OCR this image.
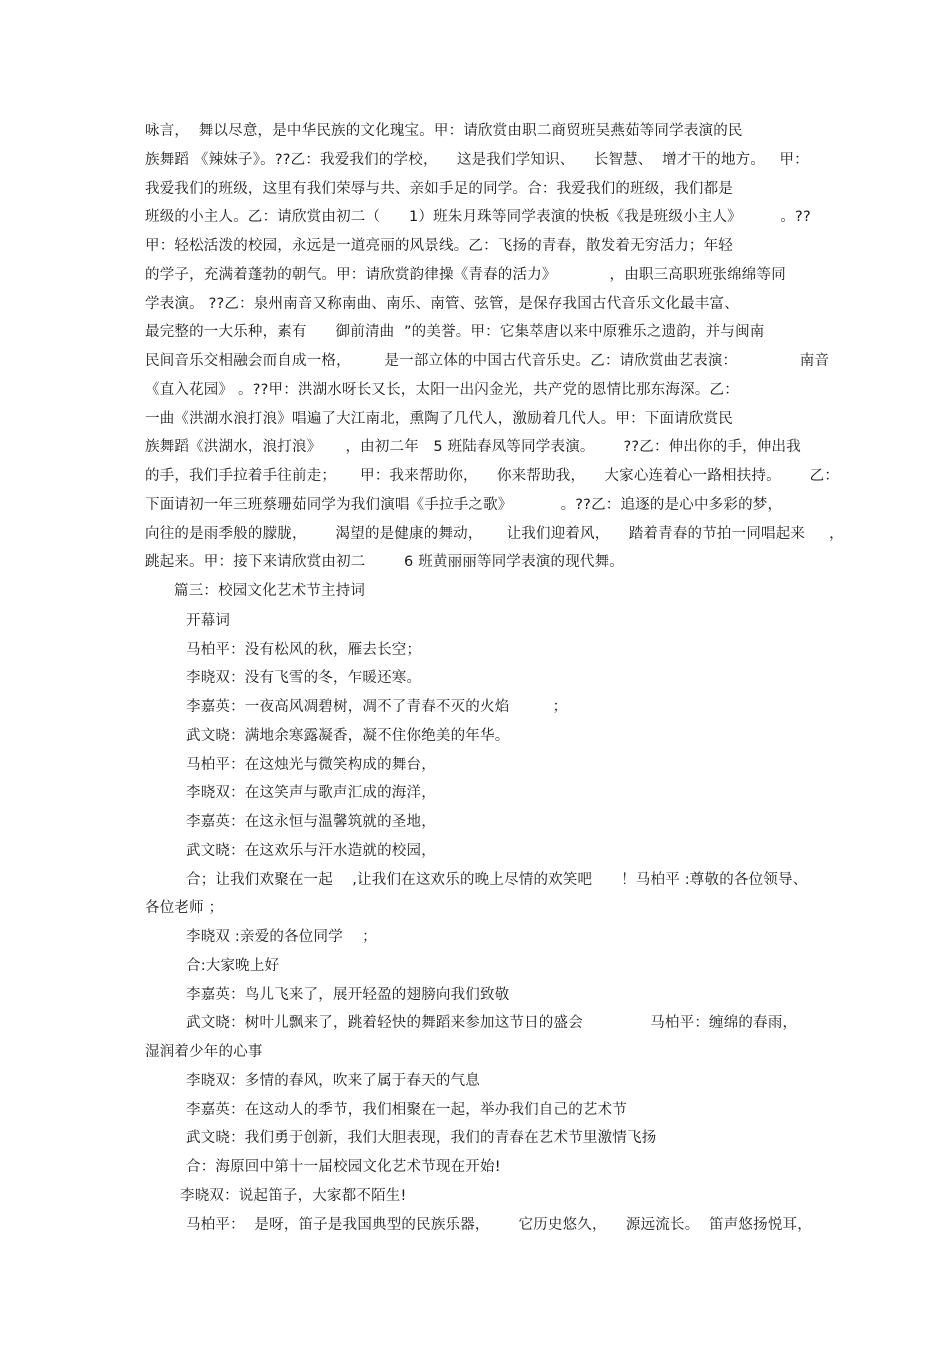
咏言，  舞以尽意，是中华民族的文化瑰宝。甲：请欣赏由职二商贸班吴燕茹等同学表演的民
族舞蹈 《辣妹子》。??乙：我爱我们的学校，    这是我们学知识、    长智慧、  增才干的地方。   甲：
我爱我们的班级，这里有我们荣辱与共、亲如手足的同学。合：我爱我们的班级，我们都是
班级的小主人。乙：请欣赏由初二（      1）班朱月珠等同学表演的快板《我是班级小主人》        。??
甲：轻松活泼的校园，永远是一道亮丽的风景线。乙：飞扬的青春，散发着无穷活力；年轻
的学子，充满着蓬勃的朝气。甲：请欣赏韵律操《青春的活力》           ，由职三高职班张绵绵等同
学表演。 ??乙：泉州南音又称南曲、南乐、南管、弦管，是保存我国古代音乐文化最丰富、
最完整的一大乐种，素有      御前清曲  ”的美誉。甲：它集萃唐以来中原雅乐之遗韵，并与闽南
民间音乐交相融会而自成一格，       是一部立体的中国古代音乐史。乙：请欣赏曲艺表演：             南音
《直入花园》 。??甲：洪湖水呀长又长，太阳一出闪金光，共产党的恩情比那东海深。乙：
一曲《洪湖水浪打浪》唱遍了大江南北，熏陶了几代人，激励着几代人。甲：下面请欣赏民
族舞蹈《洪湖水，浪打浪》     ，由初二年   5 班陆春凤等同学表演。      ??乙：伸出你的手，伸出我
的手，我们手拉着手往前走；     甲：我来帮助你，    你来帮助我，    大家心连着心一路相扶持。      乙：
下面请初一年三班蔡珊茹同学为我们演唱《手拉手之歌》          。??乙：追逐的是心中多彩的梦，
向往的是雨季般的朦胧，      渴望的是健康的舞动，     让我们迎着风，    踏着青春的节拍一同唱起来     ，
跳起来。甲：接下来请欣赏由初二        6 班黄丽丽等同学表演的现代舞。
篇三：校园文化艺术节主持词
开幕词
马柏平：没有松风的秋，雁去长空；
李晓双：没有飞雪的冬，乍暖还寒。
李嘉英：一夜高风凋碧树，凋不了青春不灭的火焰         ；
武文晓：满地余寒露凝香，凝不住你绝美的年华。
马柏平：在这烛光与微笑构成的舞台，
李晓双：在这笑声与歌声汇成的海洋，
李嘉英：在这永恒与温馨筑就的圣地，
武文晓：在这欢乐与汗水造就的校园，
合；让我们欢聚在一起    ,让我们在这欢乐的晚上尽情的欢笑吧      ！马柏平 :尊敬的各位领导、
各位老师 ；
李晓双 :亲爱的各位同学    ；
合:大家晚上好
李嘉英：鸟儿飞来了，展开轻盈的翅膀向我们致敬
武文晓：树叶儿飘来了，跳着轻快的舞蹈来参加这节日的盛会              马柏平：缠绵的春雨，
湿润着少年的心事
李晓双：多情的春风，吹来了属于春天的气息
李嘉英：在这动人的季节，我们相聚在一起，举办我们自己的艺术节
武文晓：我们勇于创新，我们大胆表现，我们的青春在艺术节里激情飞扬
合：海原回中第十一届校园文化艺术节现在开始!
李晓双：说起笛子，大家都不陌生!
马柏平：  是呀，笛子是我国典型的民族乐器，      它历史悠久，    源远流长。  笛声悠扬悦耳，
